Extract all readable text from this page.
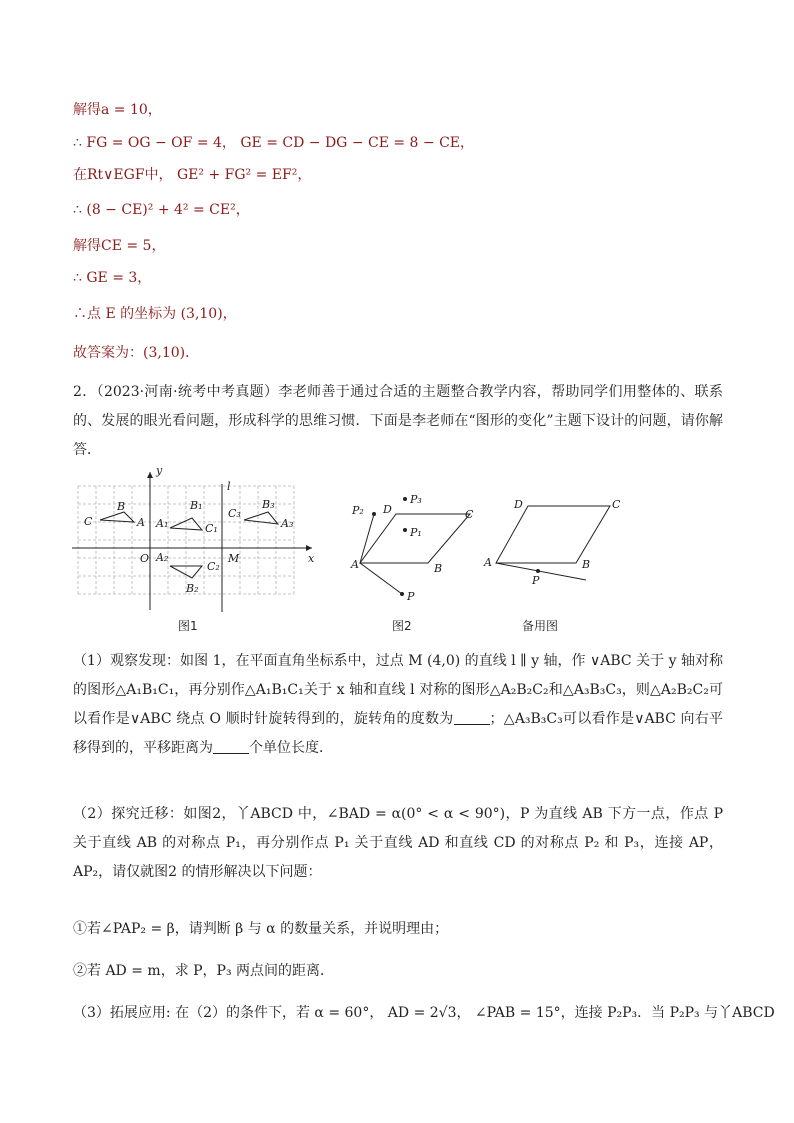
解得a = 10，
∴ FG = OG − OF = 4， GE = CD − DG − CE = 8 − CE，
在Rt∨EGF中， GE² + FG² = EF²，
∴ (8 − CE)² + 4² = CE²，
解得CE = 5，
∴ GE = 3，
∴点 E 的坐标为 (3,10)，
故答案为：(3,10)．
2．（2023·河南·统考中考真题）李老师善于通过合适的主题整合教学内容，帮助同学们用整体的、联系的、发展的眼光看问题，形成科学的思维习惯．下面是李老师在“图形的变化”主题下设计的问题，请你解答．
y
x
O	M
l
C
B
A A₁
B₁
C₁
A₂
C₂
B₂
C₃
B₃
A₃
图1
A	B
C
D
P₂
P₃
P₁
P
图2
A	B
C
D
P
备用图
（1）观察发现：如图 1，在平面直角坐标系中，过点 M (4,0) 的直线 l ∥ y 轴，作 ∨ABC 关于 y 轴对称的图形△A₁B₁C₁，再分别作△A₁B₁C₁关于 x 轴和直线 l 对称的图形△A₂B₂C₂和△A₃B₃C₃，则△A₂B₂C₂可以看作是∨ABC 绕点 O 顺时针旋转得到的，旋转角的度数为	；△A₃B₃C₃可以看作是∨ABC 向右平移得到的，平移距离为	个单位长度．
（2）探究迁移：如图2，丫ABCD 中，∠BAD = α(0° < α < 90°)，P 为直线 AB 下方一点，作点 P 关于直线 AB 的对称点 P₁，再分别作点 P₁ 关于直线 AD 和直线 CD 的对称点 P₂ 和 P₃，连接 AP，AP₂，请仅就图2 的情形解决以下问题：
①若∠PAP₂ = β，请判断 β 与 α 的数量关系，并说明理由；
②若 AD = m，求 P，P₃ 两点间的距离．
（3）拓展应用: 在（2）的条件下，若 α = 60°， AD = 2√3， ∠PAB = 15°，连接 P₂P₃．当 P₂P₃ 与丫ABCD
